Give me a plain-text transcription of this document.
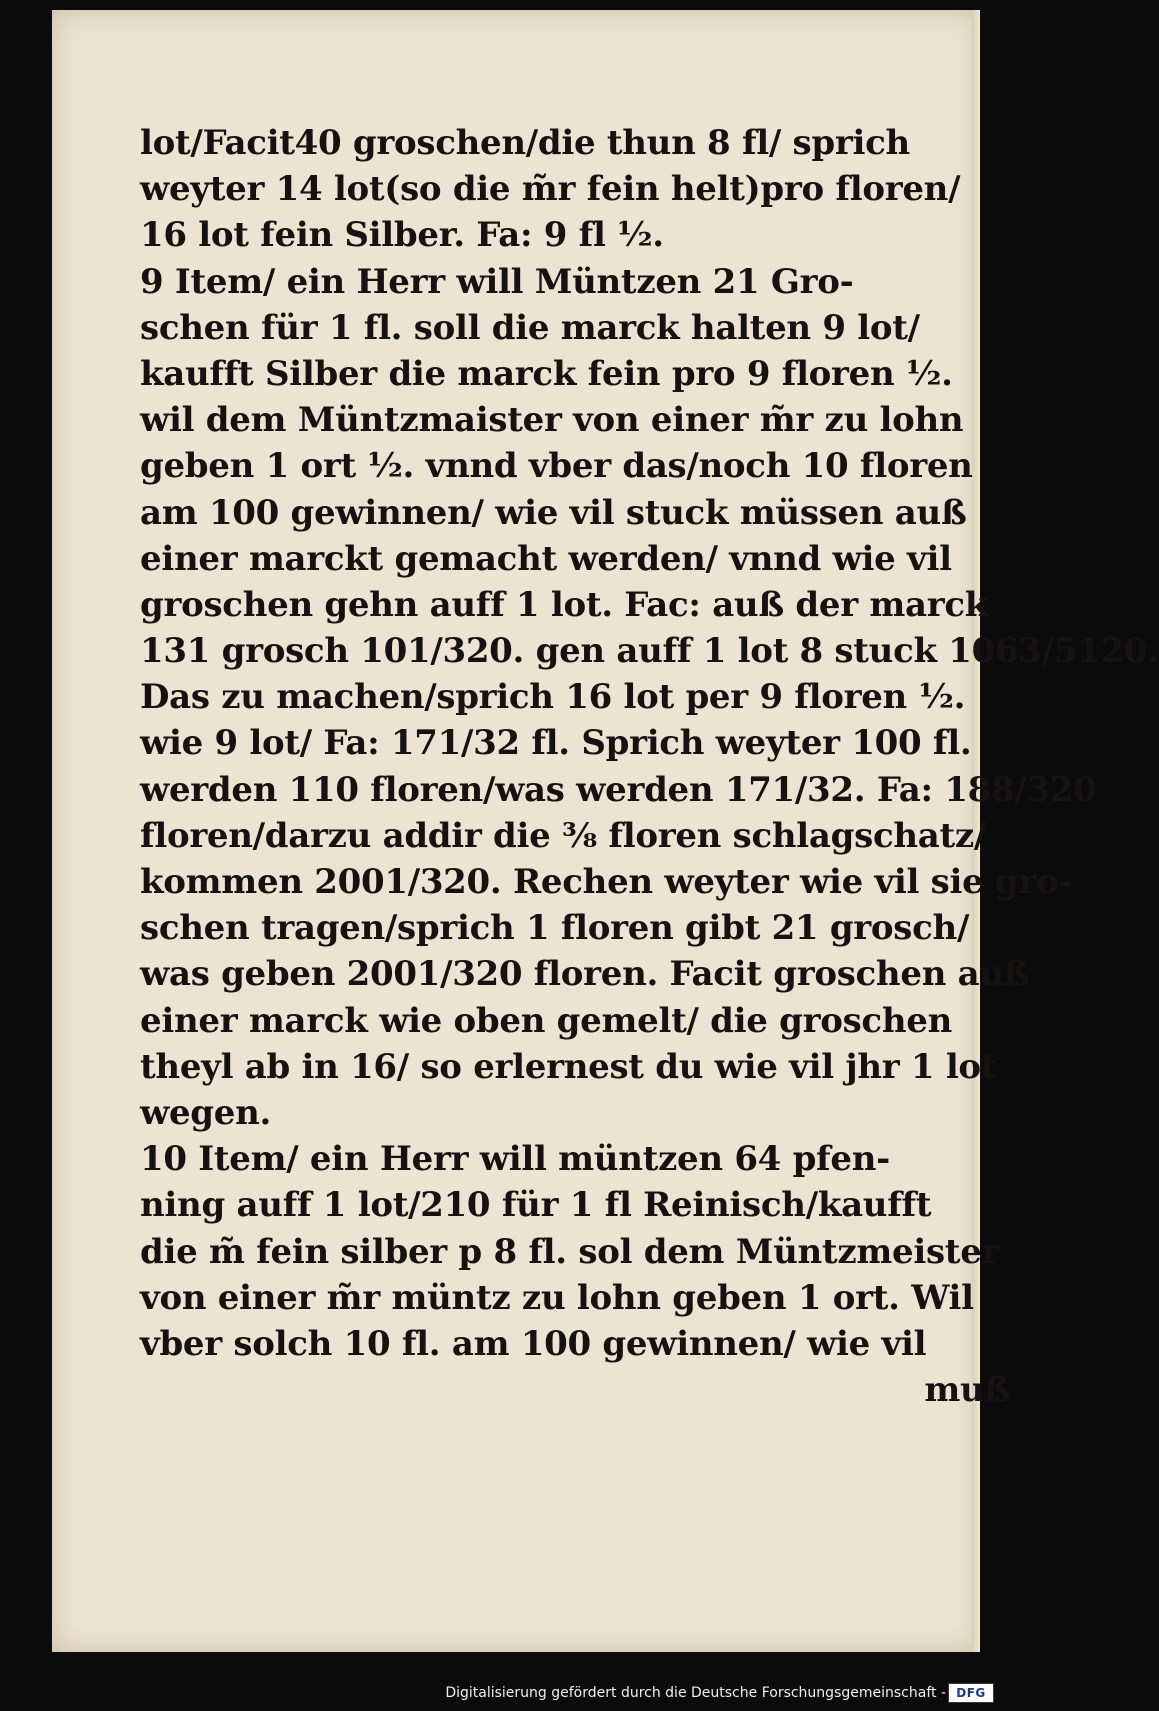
lot/Facit40 groschen/die thun 8 fl/ sprich
weyter 14 lot(so die m̃r fein helt)pro floren/
16 lot fein Silber. Fa: 9 fl ½.
9 Item/ ein Herr will Müntzen 21 Gro-
schen für 1 fl. soll die marck halten 9 lot/
kaufft Silber die marck fein pro 9 floren ½.
wil dem Müntzmaister von einer m̃r zu lohn
geben 1 ort ½. vnnd vber das/noch 10 floren
am 100 gewinnen/ wie vil stuck müssen auß
einer marckt gemacht werden/ vnnd wie vil
groschen gehn auff 1 lot. Fac: auß der marck
131 grosch 101/320. gen auff 1 lot 8 stuck 1063/5120.
Das zu machen/sprich 16 lot per 9 floren ½.
wie 9 lot/ Fa: 171/32 fl. Sprich weyter 100 fl.
werden 110 floren/was werden 171/32. Fa: 188/320
floren/darzu addir die ⅜ floren schlagschatz/
kommen 2001/320. Rechen weyter wie vil sie gro-
schen tragen/sprich 1 floren gibt 21 grosch/
was geben 2001/320 floren. Facit groschen auß
einer marck wie oben gemelt/ die groschen
theyl ab in 16/ so erlernest du wie vil jhr 1 lot
wegen.
10 Item/ ein Herr will müntzen 64 pfen-
ning auff 1 lot/210 für 1 fl Reinisch/kaufft
die m̃ fein silber p 8 fl. sol dem Müntzmeister
von einer m̃r müntz zu lohn geben 1 ort. Wil
vber solch 10 fl. am 100 gewinnen/ wie vil
muß
Digitalisierung gefördert durch die Deutsche Forschungsgemeinschaft - DFG
